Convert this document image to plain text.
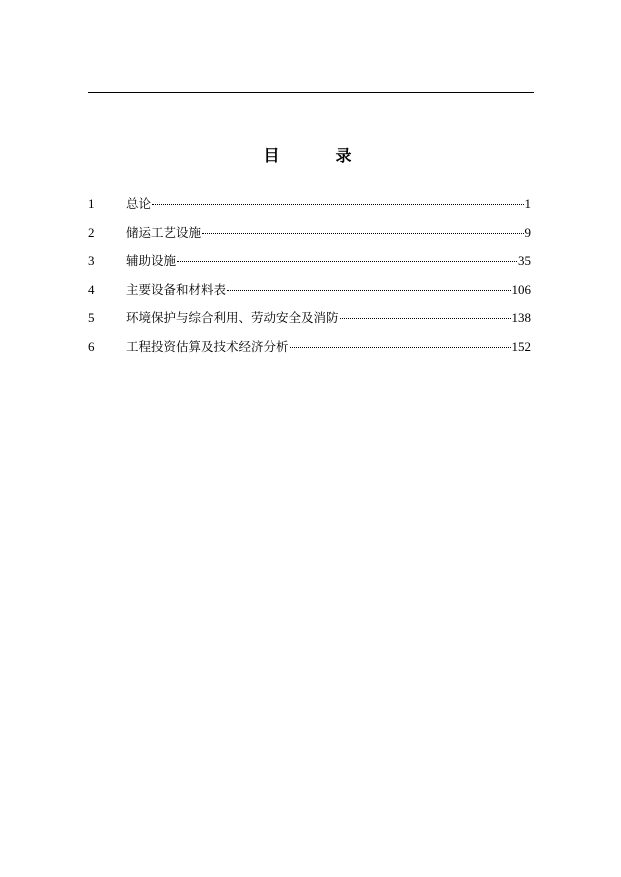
目　录
1	总论	1
2	储运工艺设施	9
3	辅助设施	35
4	主要设备和材料表	106
5	环境保护与综合利用、劳动安全及消防	138
6	工程投资估算及技术经济分析	152
